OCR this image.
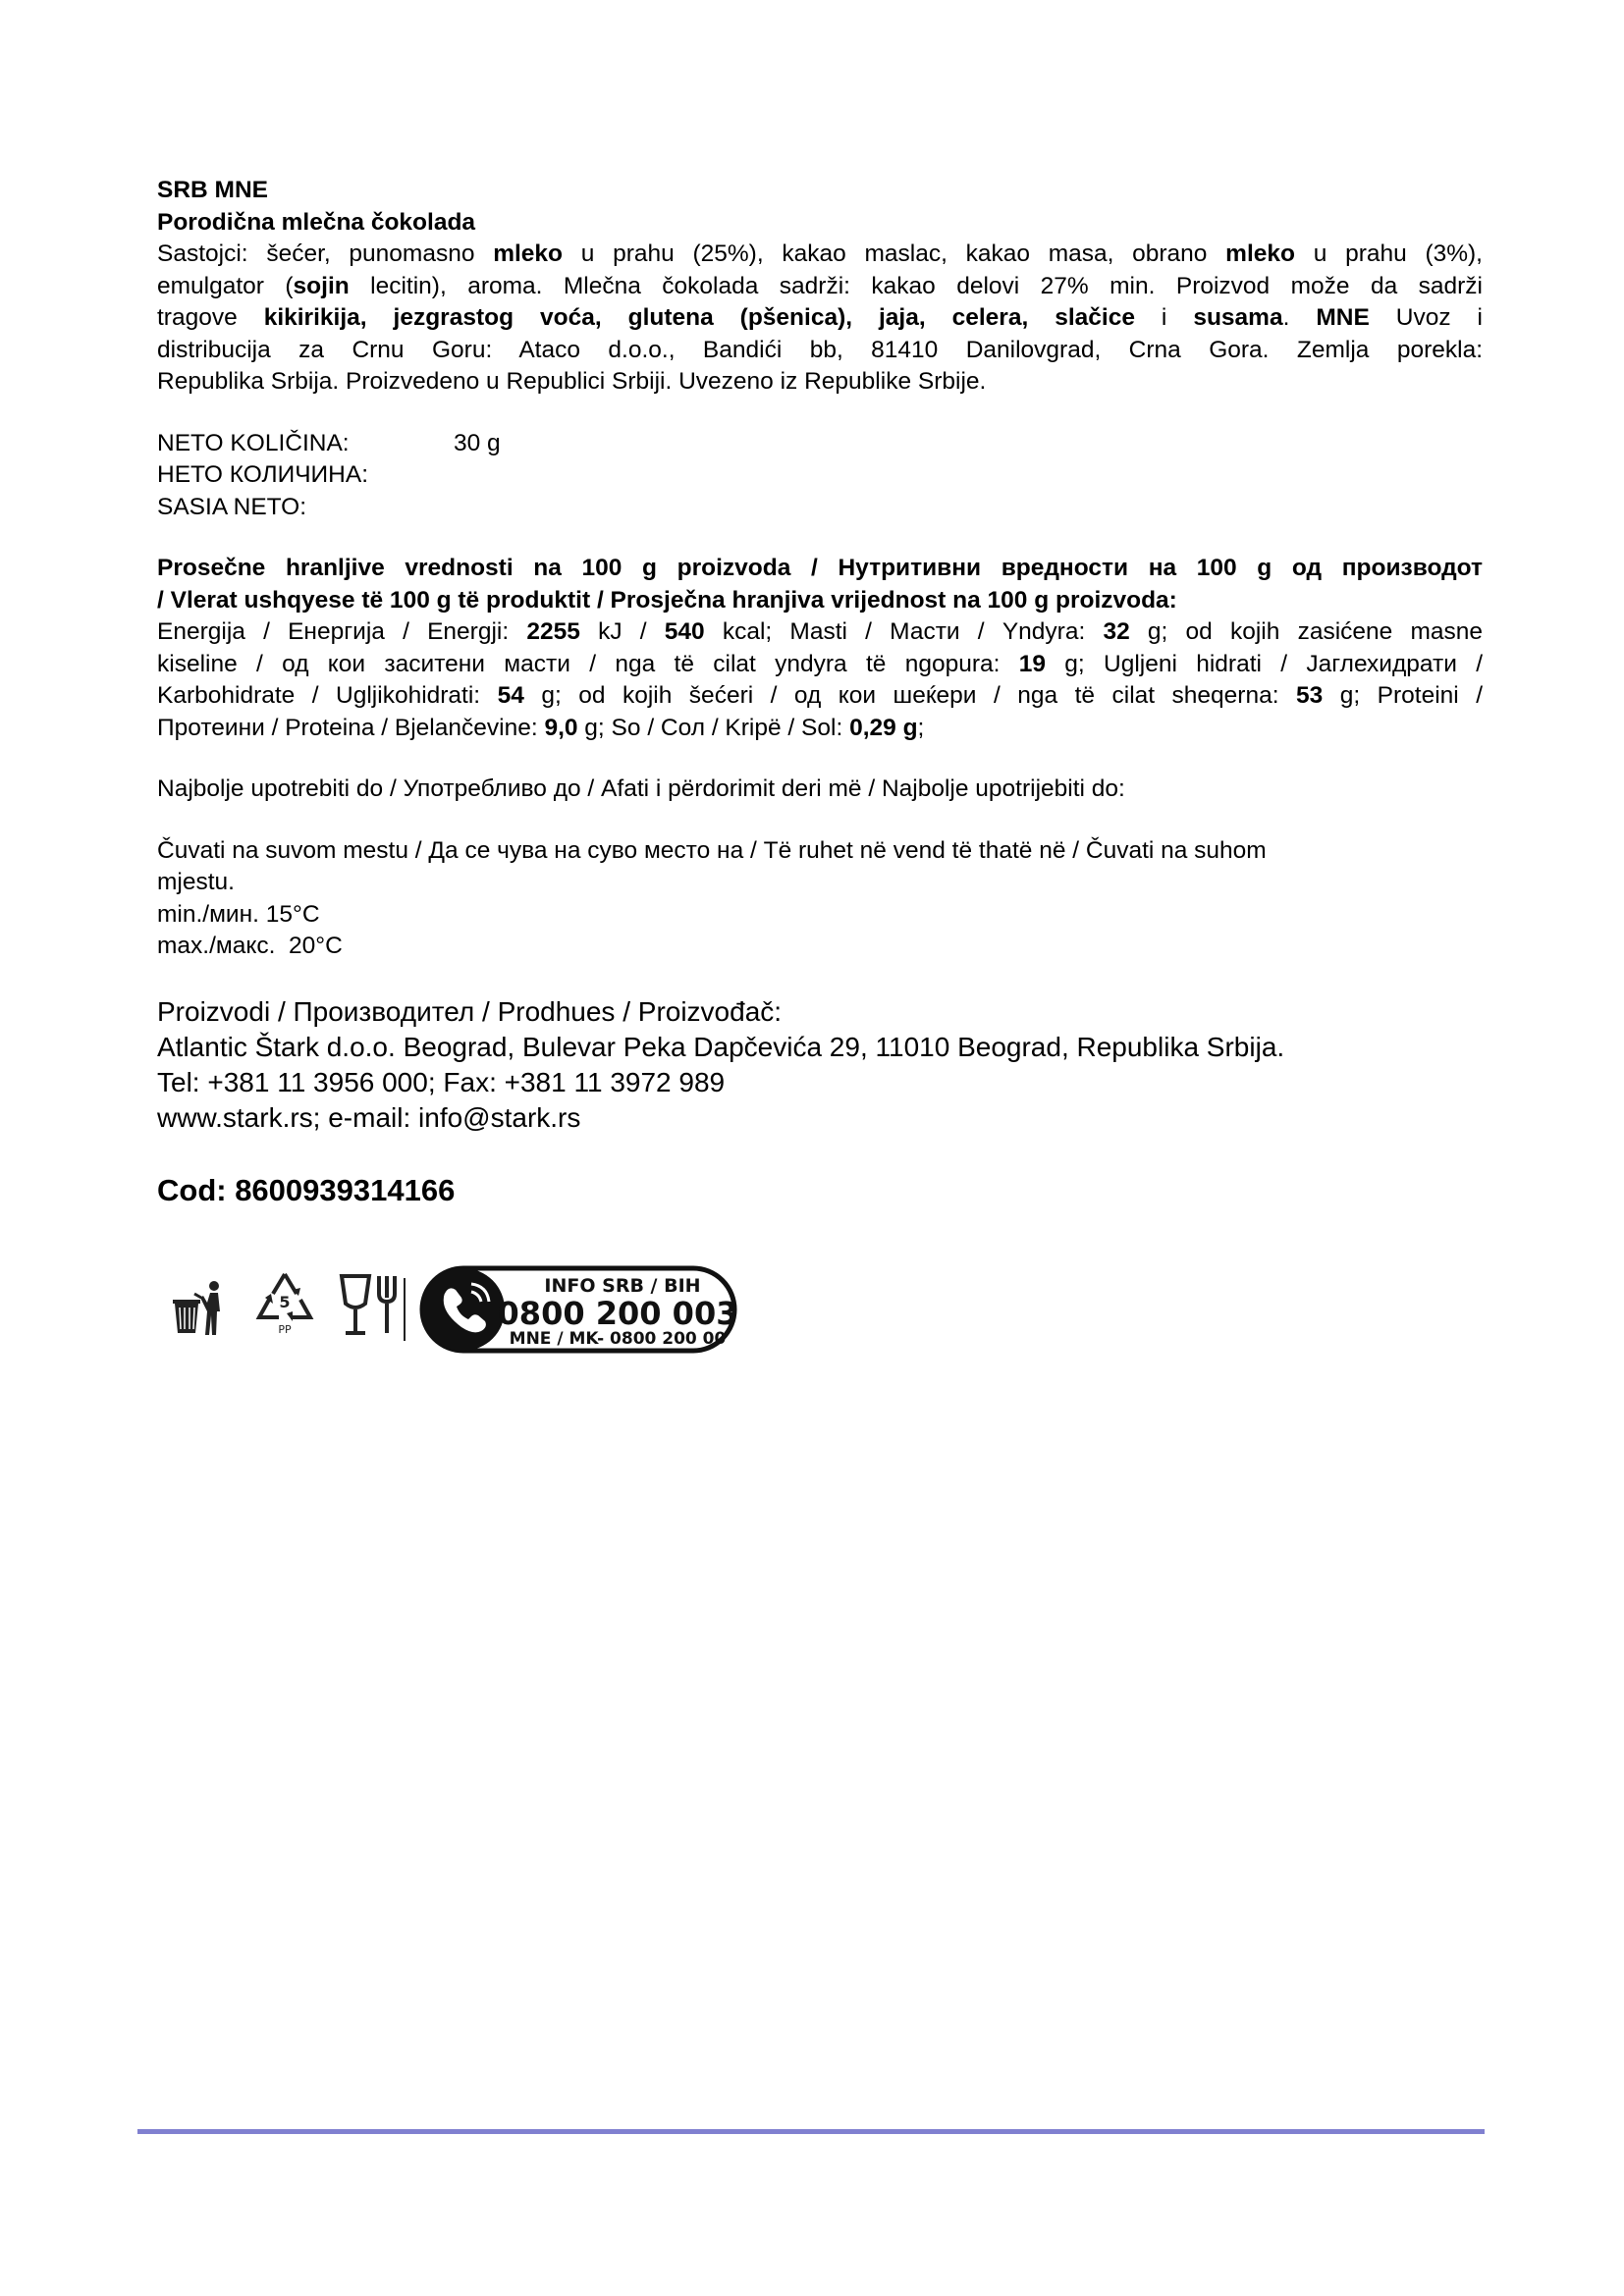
SRB MNE
Porodična mlečna čokolada
Sastojci: šećer, punomasno mleko u prahu (25%), kakao maslac, kakao masa, obrano mleko u prahu (3%),
emulgator (sojin lecitin), aroma. Mlečna čokolada sadrži: kakao delovi 27% min. Proizvod može da sadrži
tragove kikirikija, jezgrastog voća, glutena (pšenica), jaja, celera, slačice i susama. MNE Uvoz i
distribucija za Crnu Goru: Ataco d.o.o., Bandići bb, 81410 Danilovgrad, Crna Gora. Zemlja porekla:
Republika Srbija. Proizvedeno u Republici Srbiji. Uvezeno iz Republike Srbije.
NETO KOLIČINA:	30 g
НЕТО КОЛИЧИНА:
SASIA NETO:
Prosečne hranljive vrednosti na 100 g proizvoda / Нутритивни вредности на 100 g од производот
/ Vlerat ushqyese të 100 g të produktit / Prosječna hranjiva vrijednost na 100 g proizvoda:
Energija / Енергија / Energji: 2255 kJ / 540 kcal; Masti / Масти / Yndyra: 32 g; od kojih zasićene masne
kiseline / од кои заситени масти / nga të cilat yndyra të ngopura: 19 g; Ugljeni hidrati / Јаглехидрати /
Karbohidrate / Ugljikohidrati: 54 g; od kojih šećeri / од кои шеќери / nga të cilat sheqerna: 53 g; Proteini /
Протеини / Proteina / Bjelančevine: 9,0 g; So / Сол / Kripë / Sol: 0,29 g;
Najbolje upotrebiti do / Употребливо до / Afati i përdorimit deri më / Najbolje upotrijebiti do:
Čuvati na suvom mestu / Да се чува на суво место на / Të ruhet në vend të thatë në / Čuvati na suhom
mjestu.
min./мин. 15°C
max./макс.  20°C
Proizvodi / Производител / Prodhues / Proizvođač:
Atlantic Štark d.o.o. Beograd, Bulevar Peka Dapčevića 29, 11010 Beograd, Republika Srbija.
Tel: +381 11 3956 000; Fax: +381 11 3972 989
www.stark.rs; e-mail: info@stark.rs
Cod: 8600939314166
5
PP
INFO SRB / BIH
0800 200 003
MNE / MK- 0800 200 00
